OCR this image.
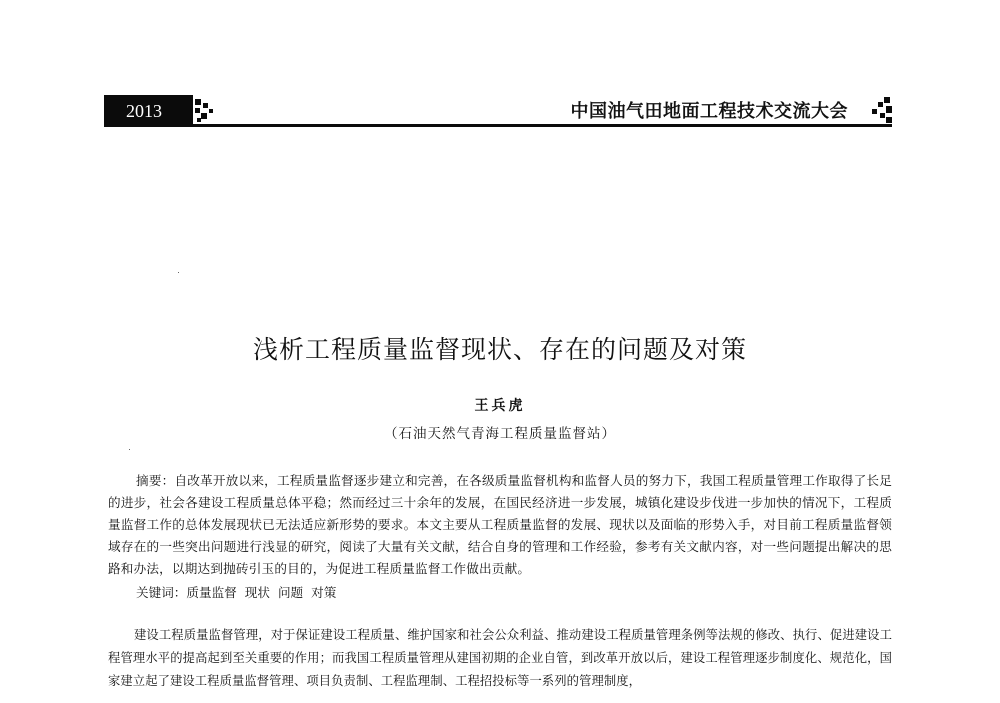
2013	中国油气田地面工程技术交流大会
浅析工程质量监督现状、存在的问题及对策
王兵虎
（石油天然气青海工程质量监督站）

摘要：自改革开放以来，工程质量监督逐步建立和完善，在各级质量监督机构和监督人员的努力下，我国工程质量管理工作取得了长足的进步，社会各建设工程质量总体平稳；然而经过三十余年的发展，在国民经济进一步发展，城镇化建设步伐进一步加快的情况下，工程质量监督工作的总体发展现状已无法适应新形势的要求。本文主要从工程质量监督的发展、现状以及面临的形势入手，对目前工程质量监督领域存在的一些突出问题进行浅显的研究，阅读了大量有关文献，结合自身的管理和工作经验，参考有关文献内容，对一些问题提出解决的思路和办法，以期达到抛砖引玉的目的，为促进工程质量监督工作做出贡献。

关键词：质量监督 现状 问题 对策

建设工程质量监督管理，对于保证建设工程质量、维护国家和社会公众利益、推动建设工程质量管理条例等法规的修改、执行、促进建设工程管理水平的提高起到至关重要的作用；而我国工程质量管理从建国初期的企业自管，到改革开放以后，建设工程管理逐步制度化、规范化，国家建立起了建设工程质量监督管理、项目负责制、工程监理制、工程招投标等一系列的管理制度，
